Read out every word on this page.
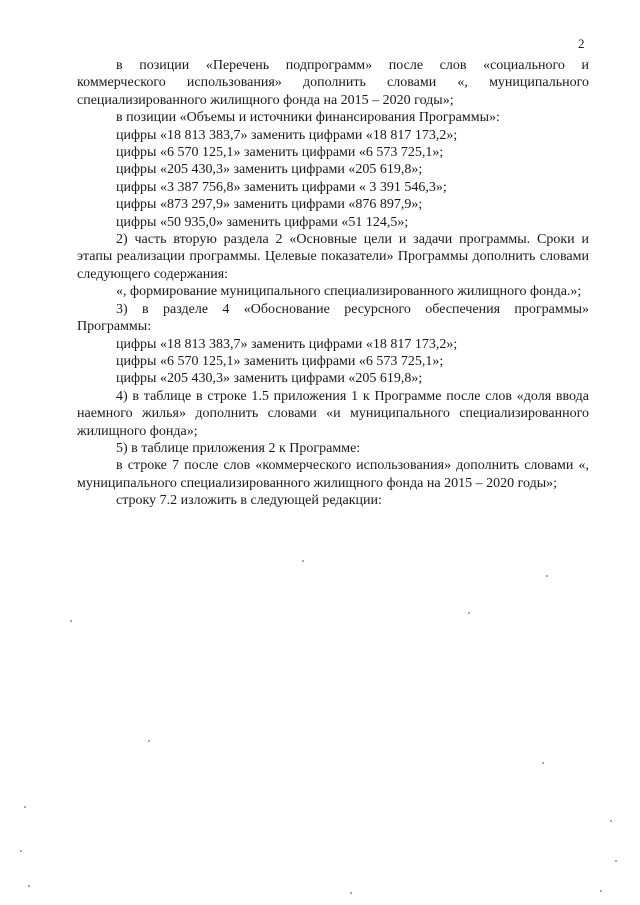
2

в позиции «Перечень подпрограмм» после слов «социального и коммерческого использования» дополнить словами «, муниципального специализированного жилищного фонда на 2015 – 2020 годы»;

в позиции «Объемы и источники финансирования Программы»:

цифры «18 813 383,7» заменить цифрами «18 817 173,2»;

цифры «6 570 125,1» заменить цифрами «6 573 725,1»;

цифры «205 430,3» заменить цифрами «205 619,8»;

цифры «3 387 756,8» заменить цифрами « 3 391 546,3»;

цифры «873 297,9» заменить цифрами «876 897,9»;

цифры «50 935,0» заменить цифрами «51 124,5»;

2) часть вторую раздела 2 «Основные цели и задачи программы. Сроки и этапы реализации программы. Целевые показатели» Программы дополнить словами следующего содержания:

«, формирование муниципального специализированного жилищного фонда.»;

3) в разделе 4 «Обоснование ресурсного обеспечения программы» Программы:

цифры «18 813 383,7» заменить цифрами «18 817 173,2»;

цифры «6 570 125,1» заменить цифрами «6 573 725,1»;

цифры «205 430,3» заменить цифрами «205 619,8»;

4) в таблице в строке 1.5 приложения 1 к Программе после слов «доля ввода наемного жилья» дополнить словами «и муниципального специализированного жилищного фонда»;

5) в таблице приложения 2 к Программе:

в строке 7 после слов «коммерческого использования» дополнить словами «, муниципального специализированного жилищного фонда на 2015 – 2020 годы»;

строку 7.2 изложить в следующей редакции:
